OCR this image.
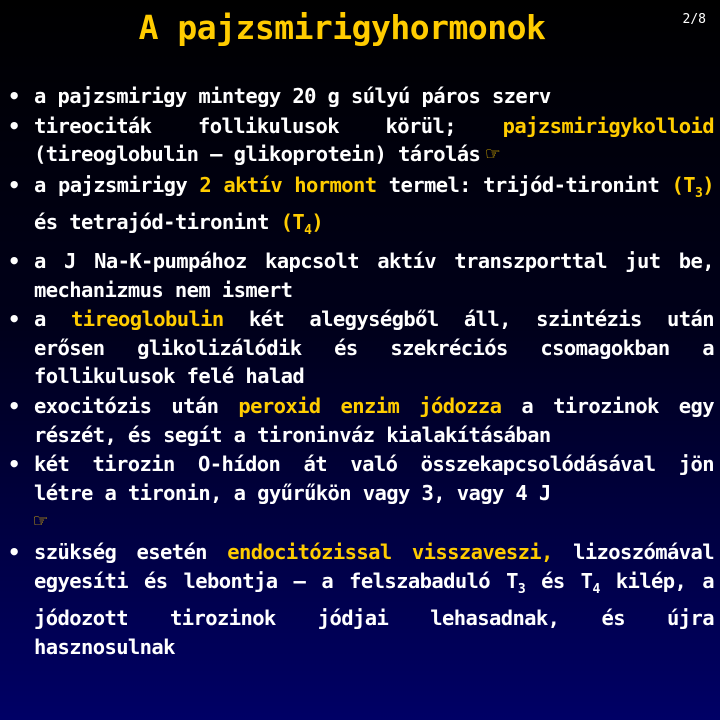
A pajzsmirigyhormonok	2/8
• a pajzsmirigy mintegy 20 g súlyú páros szerv
• tireociták follikulusok körül; pajzsmirigykolloid (tireoglobulin – glikoprotein) tárolás ☞
• a pajzsmirigy 2 aktív hormont termel: trijód-tironint $(T_3)$ és tetrajód-tironint $(T_4)$
• a J Na-K-pumpához kapcsolt aktív transzporttal jut be, mechanizmus nem ismert
• a tireoglobulin két alegységből áll, szintézis után erősen glikolizálódik és szekréciós csomagokban a follikulusok felé halad
• exocitózis után peroxid enzim jódozza a tirozinok egy részét, és segít a tironinváz kialakításában
• két tirozin O-hídon át való összekapcsolódásával jön létre a tironin, a gyűrűkön vagy 3, vagy 4 J
☞
• szükség esetén endocitózissal visszaveszi, lizoszómával egyesíti és lebontja – a felszabaduló $T_3$ és $T_4$ kilép, a jódozott tirozinok jódjai lehasadnak, és újra hasznosulnak
